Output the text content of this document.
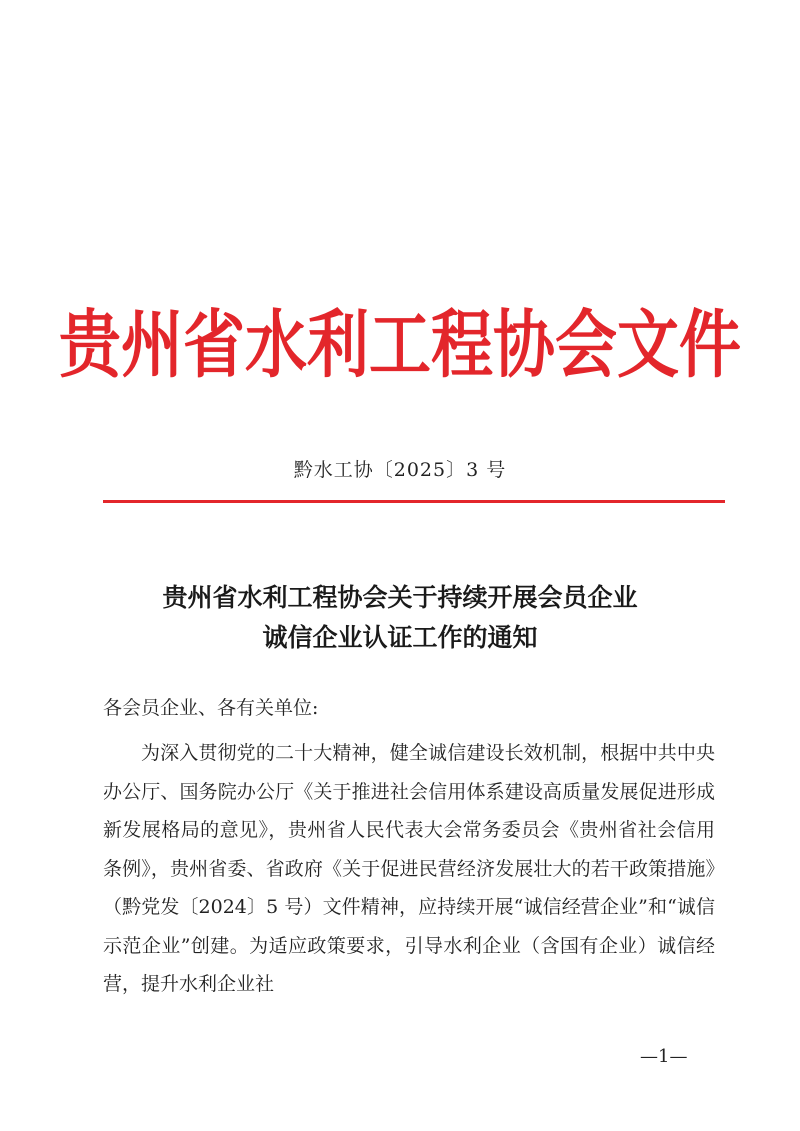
贵州省水利工程协会文件
黔水工协〔2025〕3 号
贵州省水利工程协会关于持续开展会员企业
诚信企业认证工作的通知
各会员企业、各有关单位:
为深入贯彻党的二十大精神，健全诚信建设长效机制，根据中共中央办公厅、国务院办公厅《关于推进社会信用体系建设高质量发展促进形成新发展格局的意见》，贵州省人民代表大会常务委员会《贵州省社会信用条例》，贵州省委、省政府《关于促进民营经济发展壮大的若干政策措施》（黔党发〔2024〕5 号）文件精神，应持续开展“诚信经营企业”和“诚信示范企业”创建。为适应政策要求，引导水利企业（含国有企业）诚信经营，提升水利企业社
—1—
